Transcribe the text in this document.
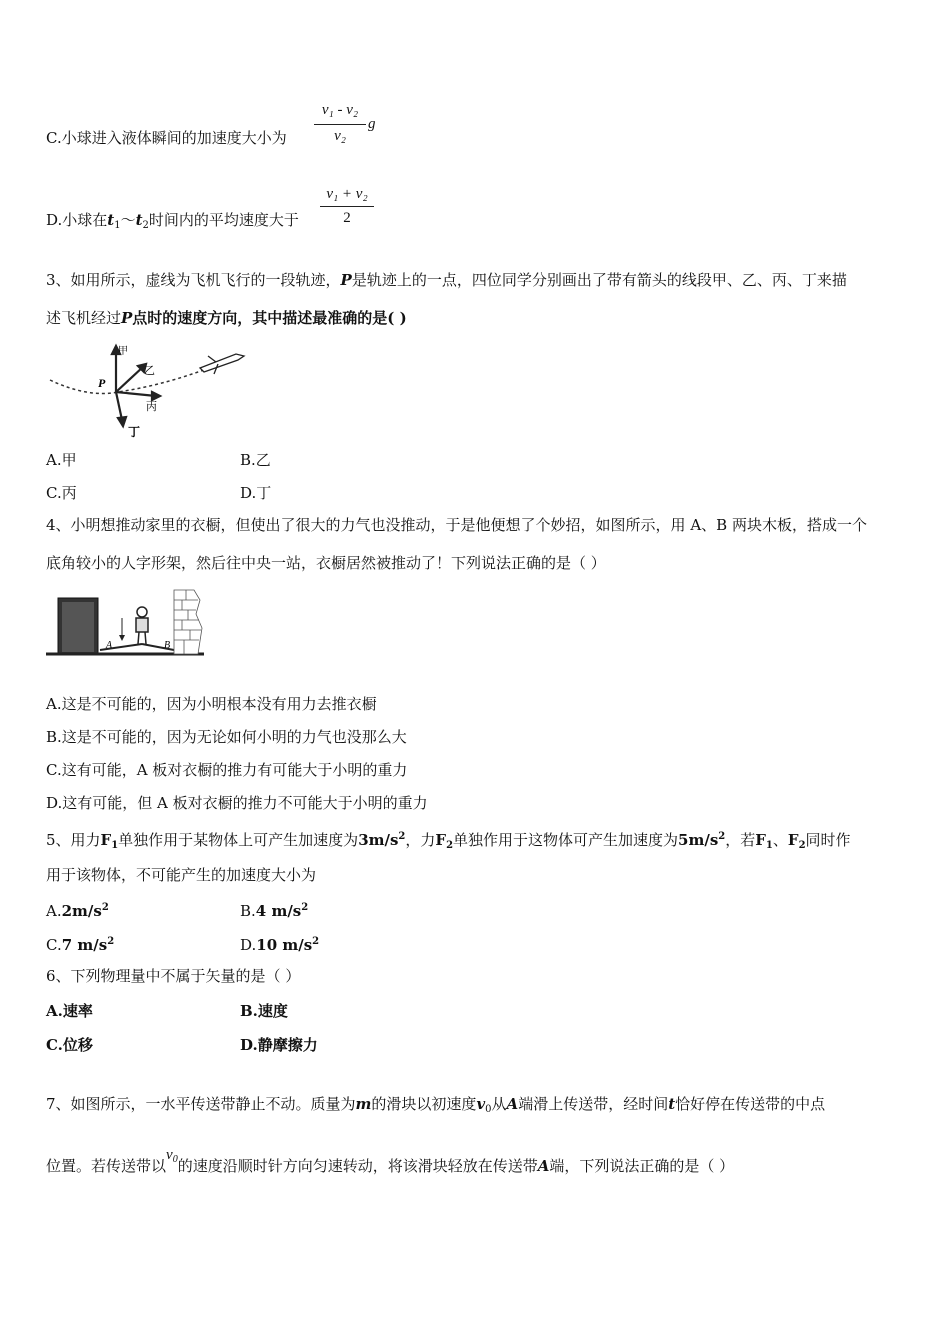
C.小球进入液体瞬间的加速度大小为
v₁ - v₂
v₂
g
D.小球在$t_1\sim t_2$时间内的平均速度大于
v₁ + v₂
2
3、如用所示，虚线为飞机飞行的一段轨迹，P是轨迹上的一点，四位同学分别画出了带有箭头的线段甲、乙、丙、丁来描
述飞机经过P点时的速度方向，其中描述最准确的是( )
P
甲
乙
丙
丁
A.甲	B.乙
C.丙	D.丁
4、小明想推动家里的衣橱，但使出了很大的力气也没推动，于是他便想了个妙招，如图所示，用 A、B 两块木板，搭成一个
底角较小的人字形架，然后往中央一站，衣橱居然被推动了！下列说法正确的是（ ）
A	B
A.这是不可能的，因为小明根本没有用力去推衣橱
B.这是不可能的，因为无论如何小明的力气也没那么大
C.这有可能，A 板对衣橱的推力有可能大于小明的重力
D.这有可能，但 A 板对衣橱的推力不可能大于小明的重力
5、用力$F_1$单独作用于某物体上可产生加速度为$3m/s^2$，力$F_2$单独作用于这物体可产生加速度为$5m/s^2$，若$F_1$、$F_2$同时作
用于该物体，不可能产生的加速度大小为
$A.2m/s^2$	B.4 $m/s^2$
C.7 $m/s^2$	D.10 $m/s^2$
6、下列物理量中不属于矢量的是（ ）
A.速率	B.速度
C.位移	D.静摩擦力
7、如图所示，一水平传送带静止不动。质量为m的滑块以初速度$v_0$从A端滑上传送带，经时间t恰好停在传送带的中点
位置。若传送带以$v_0$的速度沿顺时针方向匀速转动，将该滑块轻放在传送带A端，下列说法正确的是（ ）
